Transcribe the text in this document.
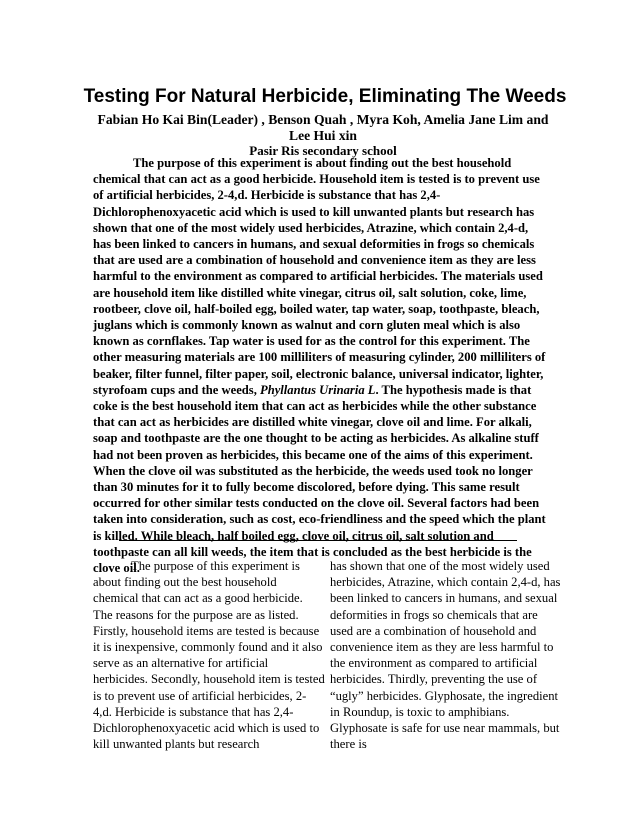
Testing For Natural Herbicide, Eliminating The Weeds

Fabian Ho Kai Bin(Leader) , Benson Quah , Myra Koh, Amelia Jane Lim and Lee Hui xin

Pasir Ris secondary school

The purpose of this experiment is about finding out the best household chemical that can act as a good herbicide. Household item is tested is to prevent use of artificial herbicides, 2-4,d. Herbicide is substance that has 2,4-Dichlorophenoxyacetic acid which is used to kill unwanted plants but research has shown that one of the most widely used herbicides, Atrazine, which contain 2,4-d, has been linked to cancers in humans, and sexual deformities in frogs so chemicals that are used are a combination of household and convenience item as they are less harmful to the environment as compared to artificial herbicides. The materials used are household item like distilled white vinegar, citrus oil, salt solution, coke, lime, rootbeer, clove oil, half-boiled egg, boiled water, tap water, soap, toothpaste, bleach, juglans which is commonly known as walnut and corn gluten meal which is also known as cornflakes. Tap water is used for as the control for this experiment. The other measuring materials are 100 milliliters of measuring cylinder, 200 milliliters of beaker, filter funnel, filter paper, soil, electronic balance, universal indicator, lighter, styrofoam cups and the weeds, Phyllantus Urinaria L. The hypothesis made is that coke is the best household item that can act as herbicides while the other substance that can act as herbicides are distilled white vinegar, clove oil and lime. For alkali, soap and toothpaste are the one thought to be acting as herbicides. As alkaline stuff had not been proven as herbicides, this became one of the aims of this experiment. When the clove oil was substituted as the herbicide, the weeds used took no longer than 30 minutes for it to fully become discolored, before dying. This same result occurred for other similar tests conducted on the clove oil. Several factors had been taken into consideration, such as cost, eco-friendliness and the speed which the plant is killed. While bleach, half boiled egg, clove oil, citrus oil, salt solution and toothpaste can all kill weeds, the item that is concluded as the best herbicide is the clove oil.

The purpose of this experiment is about finding out the best household chemical that can act as a good herbicide. The reasons for the purpose are as listed. Firstly, household items are tested is because it is inexpensive, commonly found and it also serve as an alternative for artificial herbicides. Secondly, household item is tested is to prevent use of artificial herbicides, 2-4,d. Herbicide is substance that has 2,4-Dichlorophenoxyacetic acid which is used to kill unwanted plants but research

has shown that one of the most widely used herbicides, Atrazine, which contain 2,4-d, has been linked to cancers in humans, and sexual deformities in frogs so chemicals that are used are a combination of household and convenience item as they are less harmful to the environment as compared to artificial herbicides. Thirdly, preventing the use of “ugly” herbicides. Glyphosate, the ingredient in Roundup, is toxic to amphibians. Glyphosate is safe for use near mammals, but there is
